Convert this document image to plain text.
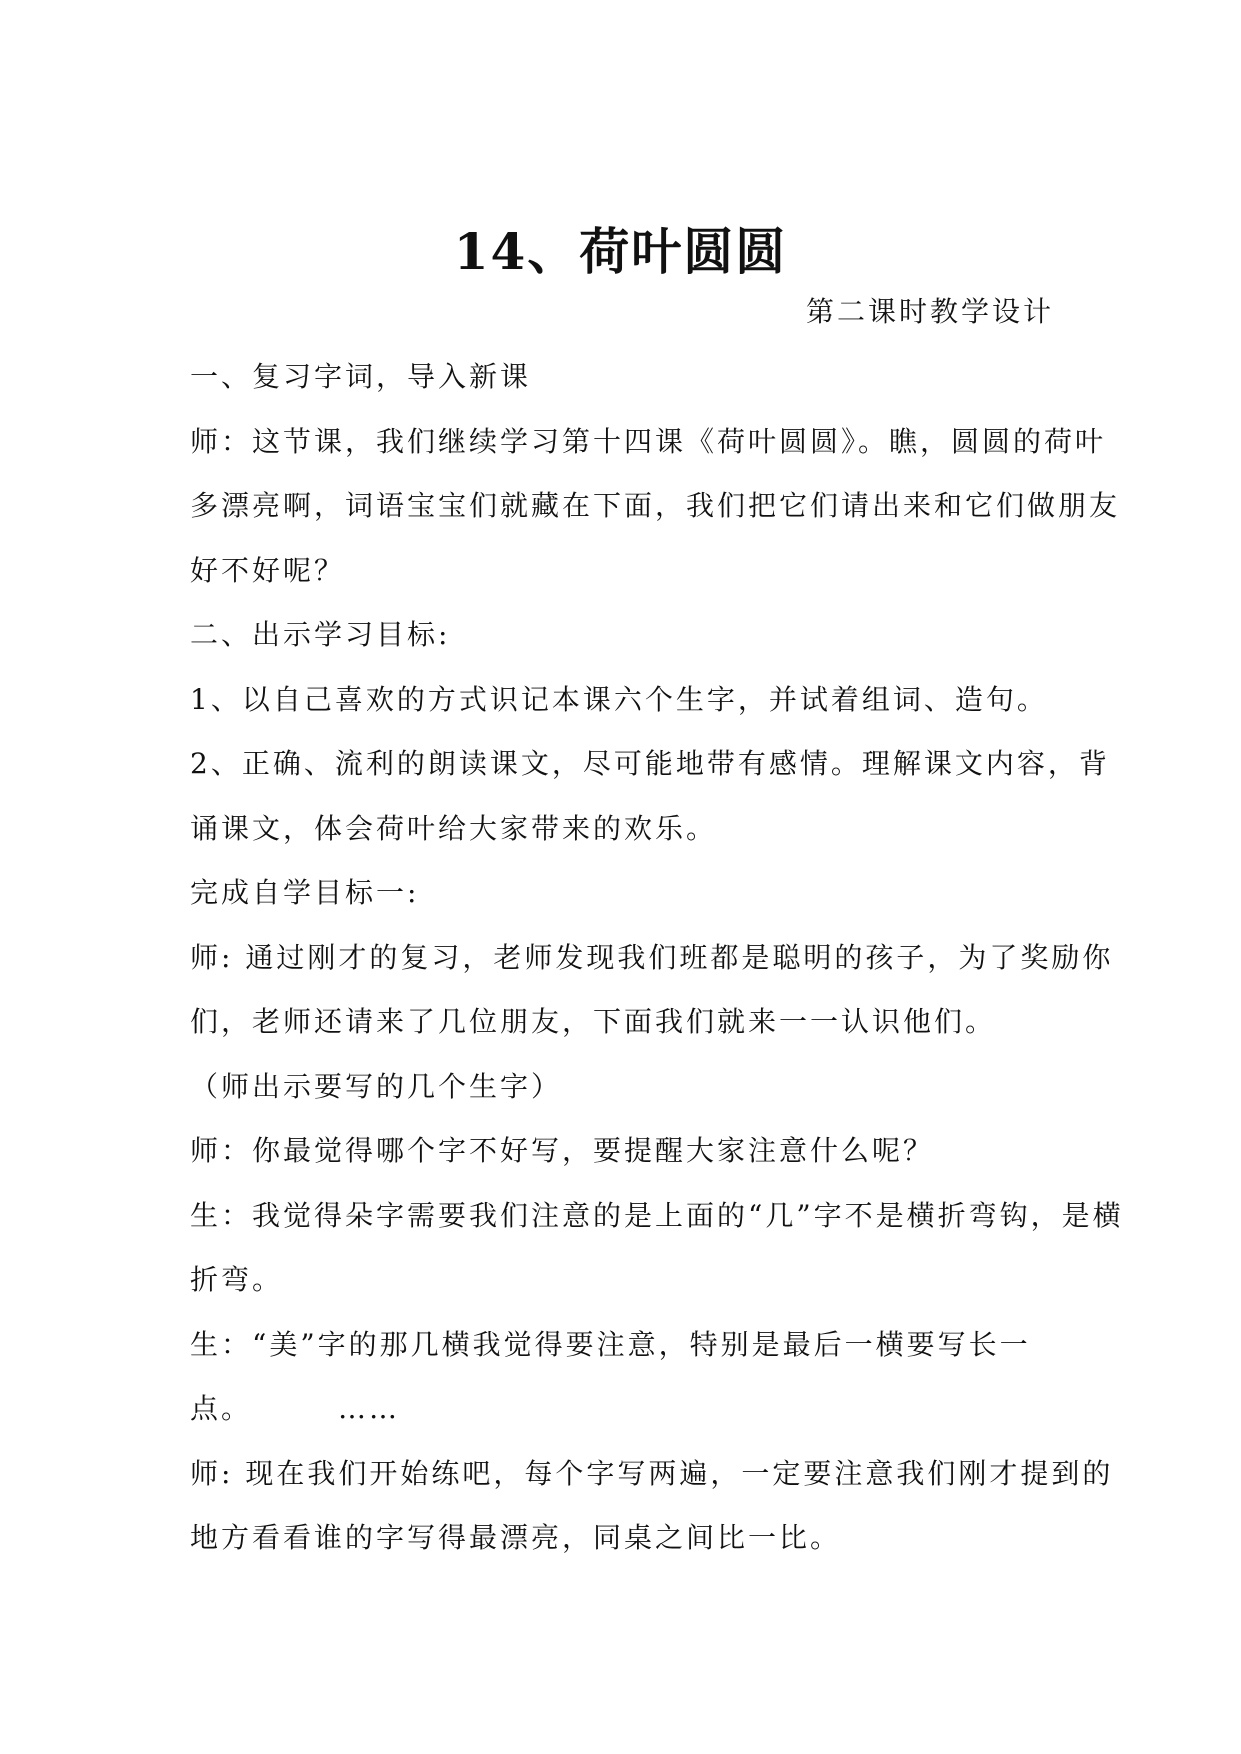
14、荷叶圆圆
第二课时教学设计
一、复习字词，导入新课
师：这节课，我们继续学习第十四课《荷叶圆圆》。瞧，圆圆的荷叶
多漂亮啊，词语宝宝们就藏在下面，我们把它们请出来和它们做朋友
好不好呢？
二、出示学习目标:
1、以自己喜欢的方式识记本课六个生字，并试着组词、造句。
2、正确、流利的朗读课文，尽可能地带有感情。理解课文内容，背
诵课文，体会荷叶给大家带来的欢乐。
完成自学目标一:
师: 通过刚才的复习，老师发现我们班都是聪明的孩子，为了奖励你
们，老师还请来了几位朋友，下面我们就来一一认识他们。
（师出示要写的几个生字）
师：你最觉得哪个字不好写，要提醒大家注意什么呢？
生：我觉得朵字需要我们注意的是上面的“几”字不是横折弯钩，是横
折弯。
生：“美”字的那几横我觉得要注意，特别是最后一横要写长一
点。	……
师: 现在我们开始练吧，每个字写两遍，一定要注意我们刚才提到的
地方看看谁的字写得最漂亮，同桌之间比一比。
